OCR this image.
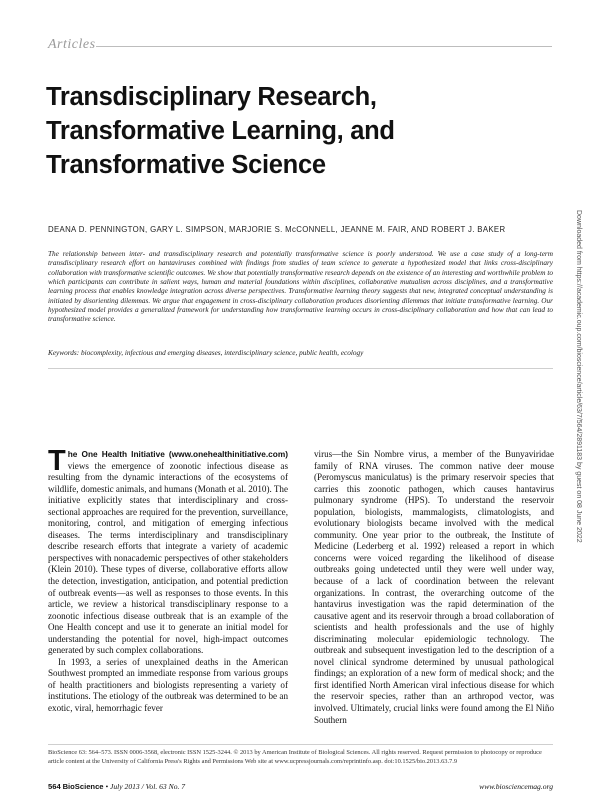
Articles
Transdisciplinary Research, Transformative Learning, and Transformative Science
DEANA D. PENNINGTON, GARY L. SIMPSON, MARJORIE S. McCONNELL, JEANNE M. FAIR, AND ROBERT J. BAKER
The relationship between inter- and transdisciplinary research and potentially transformative science is poorly understood. We use a case study of a long-term transdisciplinary research effort on hantaviruses combined with findings from studies of team science to generate a hypothesized model that links cross-disciplinary collaboration with transformative scientific outcomes. We show that potentially transformative research depends on the existence of an interesting and worthwhile problem to which participants can contribute in salient ways, human and material foundations within disciplines, collaborative mutualism across disciplines, and a transformative learning process that enables knowledge integration across diverse perspectives. Transformative learning theory suggests that new, integrated conceptual understanding is initiated by disorienting dilemmas. We argue that engagement in cross-disciplinary collaboration produces disorienting dilemmas that initiate transformative learning. Our hypothesized model provides a generalized framework for understanding how transformative learning occurs in cross-disciplinary collaboration and how that can lead to transformative science.
Keywords: biocomplexity, infectious and emerging diseases, interdisciplinary science, public health, ecology

The One Health Initiative (www.onehealthinitiative.com) views the emergence of zoonotic infectious disease as resulting from the dynamic interactions of the ecosystems of wildlife, domestic animals, and humans (Monath et al. 2010). The initiative explicitly states that interdisciplinary and cross-sectional approaches are required for the prevention, surveillance, monitoring, control, and mitigation of emerging infectious diseases. The terms interdisciplinary and transdisciplinary describe research efforts that integrate a variety of academic perspectives with nonacademic perspectives of other stakeholders (Klein 2010). These types of diverse, collaborative efforts allow the detection, investigation, anticipation, and potential prediction of outbreak events—as well as responses to those events. In this article, we review a historical transdisciplinary response to a zoonotic infectious disease outbreak that is an example of the One Health concept and use it to generate an initial model for understanding the potential for novel, high-impact outcomes generated by such complex collaborations.

In 1993, a series of unexplained deaths in the American Southwest prompted an immediate response from various groups of health practitioners and biologists representing a variety of institutions. The etiology of the outbreak was determined to be an exotic, viral, hemorrhagic fever

virus—the Sin Nombre virus, a member of the Bunyaviridae family of RNA viruses. The common native deer mouse (Peromyscus maniculatus) is the primary reservoir species that carries this zoonotic pathogen, which causes hantavirus pulmonary syndrome (HPS). To understand the reservoir population, biologists, mammalogists, climatologists, and evolutionary biologists became involved with the medical community. One year prior to the outbreak, the Institute of Medicine (Lederberg et al. 1992) released a report in which concerns were voiced regarding the likelihood of disease outbreaks going undetected until they were well under way, because of a lack of coordination between the relevant organizations. In contrast, the overarching outcome of the hantavirus investigation was the rapid determination of the causative agent and its reservoir through a broad collaboration of scientists and health professionals and the use of highly discriminating molecular epidemiologic technology. The outbreak and subsequent investigation led to the description of a novel clinical syndrome determined by unusual pathological findings; an exploration of a new form of medical shock; and the first identified North American viral infectious disease for which the reservoir species, rather than an arthropod vector, was involved. Ultimately, crucial links were found among the El Niño Southern

BioScience 63: 564–573. ISSN 0006-3568, electronic ISSN 1525-3244. © 2013 by American Institute of Biological Sciences. All rights reserved. Request permission to photocopy or reproduce article content at the University of California Press's Rights and Permissions Web site at www.ucpressjournals.com/reprintinfo.asp. doi:10.1525/bio.2013.63.7.9
564 BioScience • July 2013 / Vol. 63 No. 7	www.biosciencemag.org
Downloaded from https://academic.oup.com/bioscience/article/63/7/564/2891183 by guest on 08 June 2022
